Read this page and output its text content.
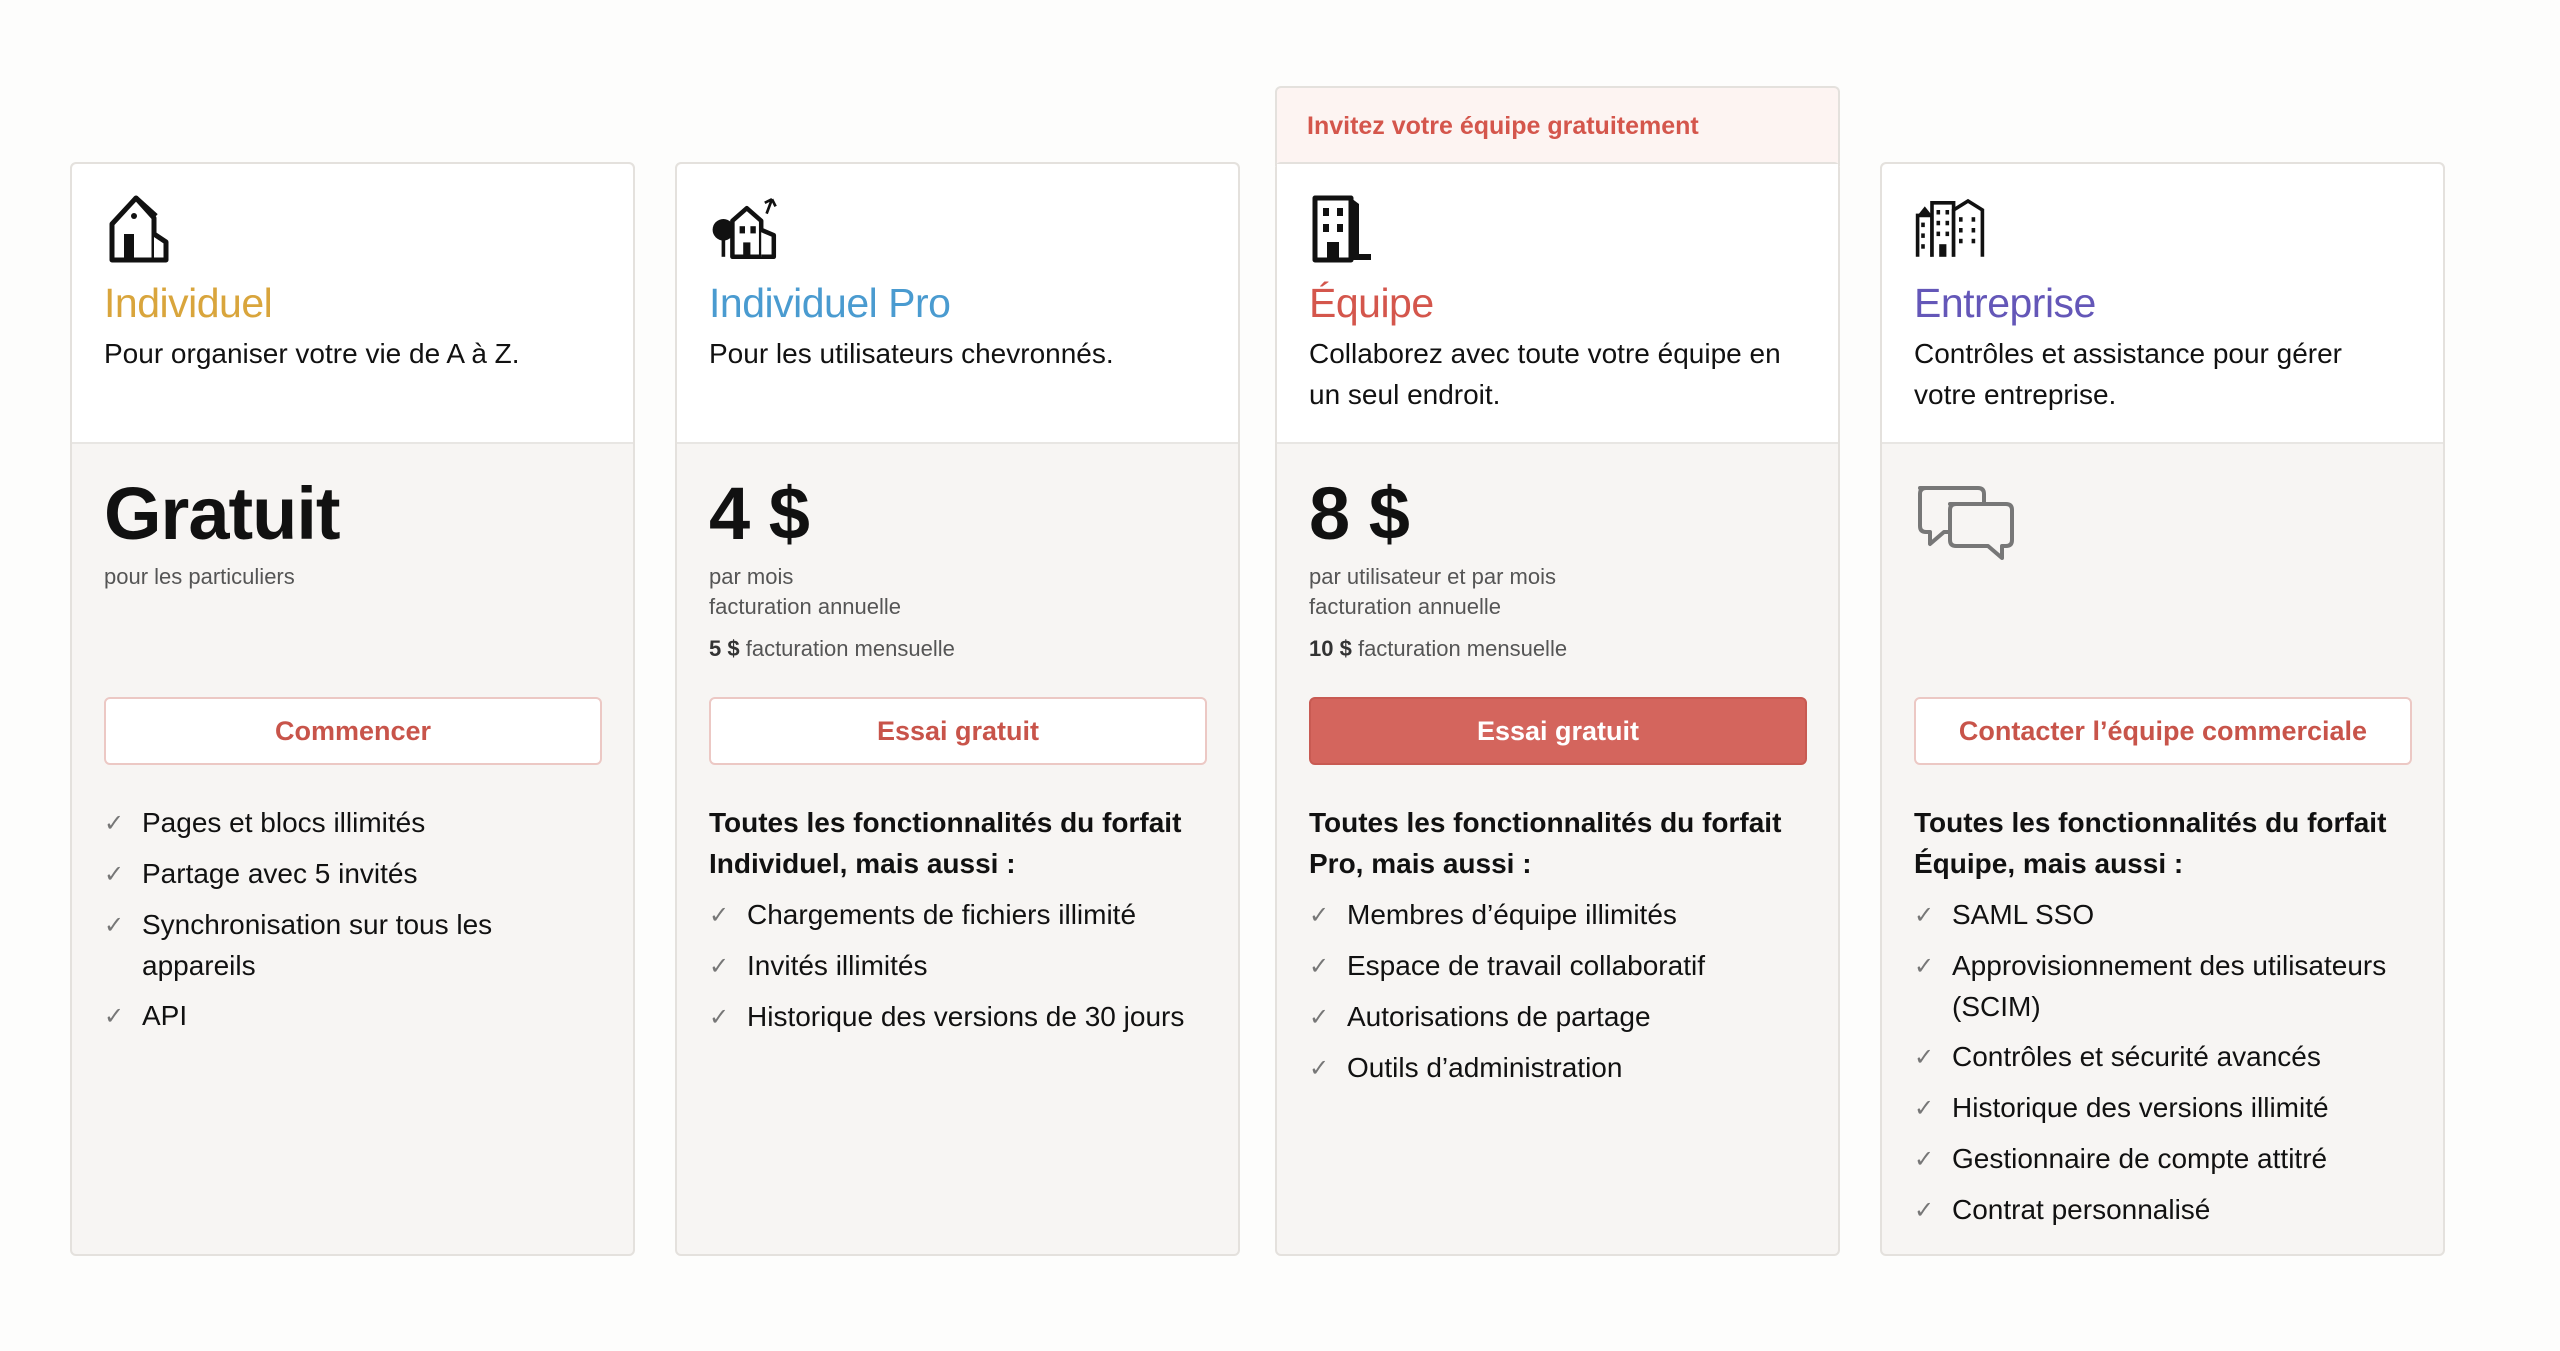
Invitez votre équipe gratuitement
Individuel
Pour organiser votre vie de A à Z.
Gratuit
pour les particuliers
Commencer
✓ Pages et blocs illimités
✓ Partage avec 5 invités
✓ Synchronisation sur tous les appareils
✓ API
Individuel Pro
Pour les utilisateurs chevronnés.
4 $
par mois
facturation annuelle
5 $ facturation mensuelle
Essai gratuit
Toutes les fonctionnalités du forfait Individuel, mais aussi :
✓ Chargements de fichiers illimité
✓ Invités illimités
✓ Historique des versions de 30 jours
Équipe
Collaborez avec toute votre équipe en un seul endroit.
8 $
par utilisateur et par mois
facturation annuelle
10 $ facturation mensuelle
Essai gratuit
Toutes les fonctionnalités du forfait Pro, mais aussi :
✓ Membres d’équipe illimités
✓ Espace de travail collaboratif
✓ Autorisations de partage
✓ Outils d’administration
Entreprise
Contrôles et assistance pour gérer votre entreprise.
Contacter l’équipe commerciale
Toutes les fonctionnalités du forfait Équipe, mais aussi :
✓ SAML SSO
✓ Approvisionnement des utilisateurs (SCIM)
✓ Contrôles et sécurité avancés
✓ Historique des versions illimité
✓ Gestionnaire de compte attitré
✓ Contrat personnalisé
